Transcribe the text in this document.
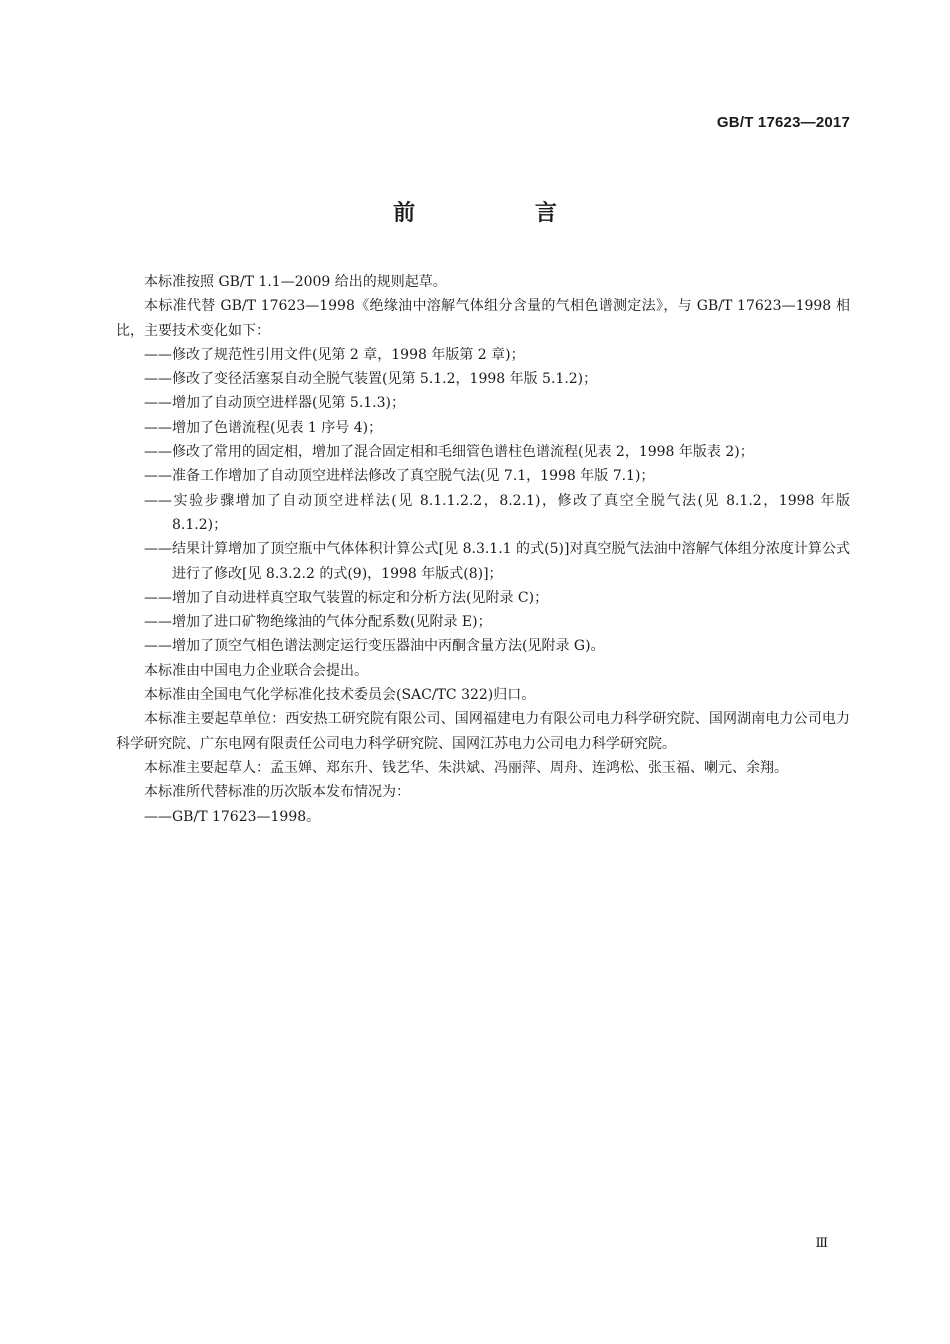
GB/T 17623—2017
前 言

本标准按照 GB/T 1.1—2009 给出的规则起草。

本标准代替 GB/T 17623—1998《绝缘油中溶解气体组分含量的气相色谱测定法》，与 GB/T 17623—1998 相比，主要技术变化如下：

——修改了规范性引用文件(见第 2 章，1998 年版第 2 章)；

——修改了变径活塞泵自动全脱气装置(见第 5.1.2，1998 年版 5.1.2)；

——增加了自动顶空进样器(见第 5.1.3)；

——增加了色谱流程(见表 1 序号 4)；

——修改了常用的固定相，增加了混合固定相和毛细管色谱柱色谱流程(见表 2，1998 年版表 2)；

——准备工作增加了自动顶空进样法修改了真空脱气法(见 7.1，1998 年版 7.1)；

——实验步骤增加了自动顶空进样法(见 8.1.1.2.2，8.2.1)，修改了真空全脱气法(见 8.1.2，1998 年版 8.1.2)；

——结果计算增加了顶空瓶中气体体积计算公式[见 8.3.1.1 的式(5)]对真空脱气法油中溶解气体组分浓度计算公式进行了修改[见 8.3.2.2 的式(9)，1998 年版式(8)]；

——增加了自动进样真空取气装置的标定和分析方法(见附录 C)；

——增加了进口矿物绝缘油的气体分配系数(见附录 E)；

——增加了顶空气相色谱法测定运行变压器油中丙酮含量方法(见附录 G)。

本标准由中国电力企业联合会提出。

本标准由全国电气化学标准化技术委员会(SAC/TC 322)归口。

本标准主要起草单位：西安热工研究院有限公司、国网福建电力有限公司电力科学研究院、国网湖南电力公司电力科学研究院、广东电网有限责任公司电力科学研究院、国网江苏电力公司电力科学研究院。

本标准主要起草人：孟玉婵、郑东升、钱艺华、朱洪斌、冯丽萍、周舟、连鸿松、张玉福、喇元、余翔。

本标准所代替标准的历次版本发布情况为：

——GB/T 17623—1998。

Ⅲ
